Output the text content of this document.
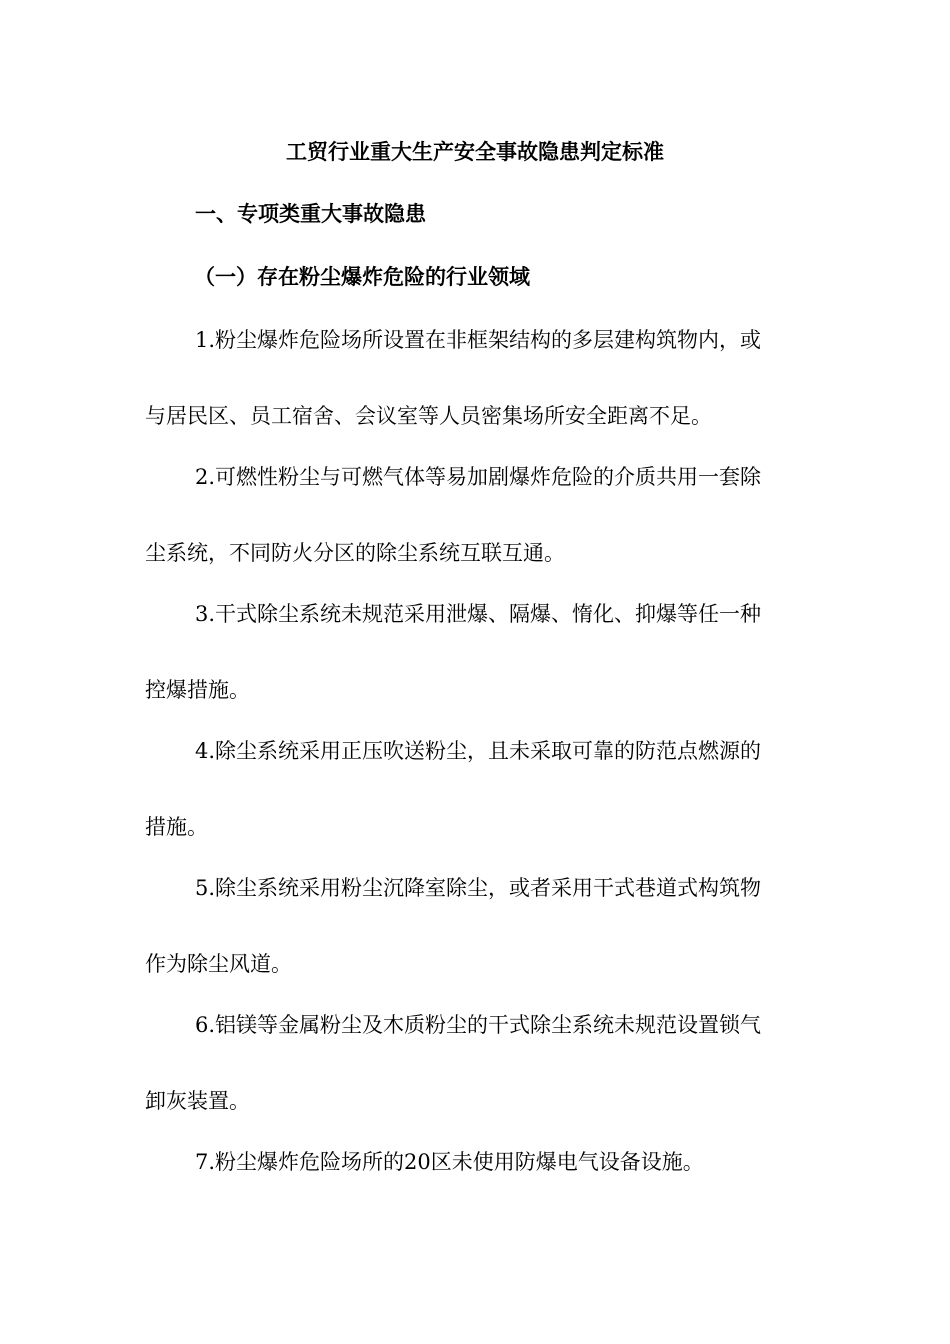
工贸行业重大生产安全事故隐患判定标准
一、专项类重大事故隐患
（一）存在粉尘爆炸危险的行业领域
1.粉尘爆炸危险场所设置在非框架结构的多层建构筑物内，或
与居民区、员工宿舍、会议室等人员密集场所安全距离不足。
2.可燃性粉尘与可燃气体等易加剧爆炸危险的介质共用一套除
尘系统，不同防火分区的除尘系统互联互通。
3.干式除尘系统未规范采用泄爆、隔爆、惰化、抑爆等任一种
控爆措施。
4.除尘系统采用正压吹送粉尘，且未采取可靠的防范点燃源的
措施。
5.除尘系统采用粉尘沉降室除尘，或者采用干式巷道式构筑物
作为除尘风道。
6.铝镁等金属粉尘及木质粉尘的干式除尘系统未规范设置锁气
卸灰装置。
7.粉尘爆炸危险场所的20区未使用防爆电气设备设施。
